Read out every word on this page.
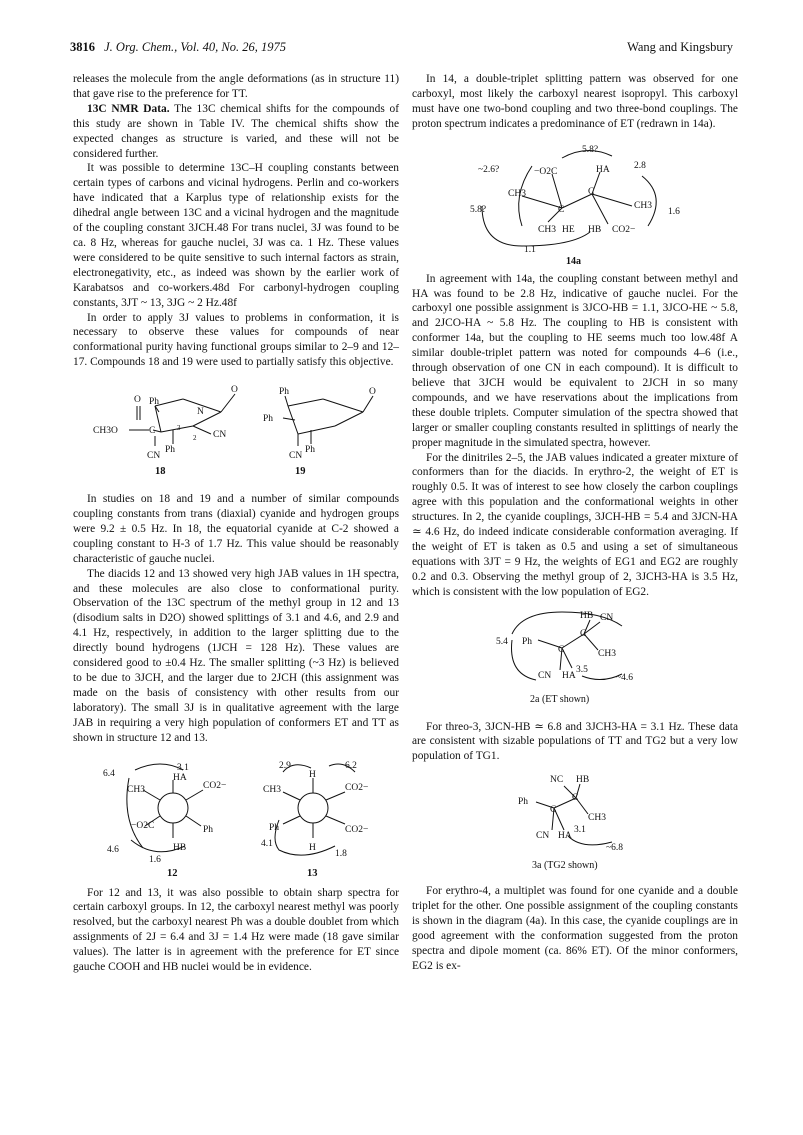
3816 J. Org. Chem., Vol. 40, No. 26, 1975	Wang and Kingsbury

releases the molecule from the angle deformations (as in structure 11) that gave rise to the preference for TT.

13C NMR Data. The 13C chemical shifts for the compounds of this study are shown in Table IV. The chemical shifts show the expected changes as structure is varied, and these will not be considered further.

It was possible to determine 13C–H coupling constants between certain types of carbons and vicinal hydrogens. Perlin and co-workers have indicated that a Karplus type of relationship exists for the dihedral angle between 13C and a vicinal hydrogen and the magnitude of the coupling constant 3JCH.48 For trans nuclei, 3J was found to be ca. 8 Hz, whereas for gauche nuclei, 3J was ca. 1 Hz. These values were considered to be quite sensitive to such internal factors as strain, electronegativity, etc., as indeed was shown by the earlier work of Karabatsos and co-workers.48d For carbonyl-hydrogen coupling constants, 3JT ~ 13, 3JG ~ 2 Hz.48f

In order to apply 3J values to problems in conformation, it is necessary to observe these values for compounds of near conformational purity having functional groups similar to 2–9 and 12–17. Compounds 18 and 19 were used to partially satisfy this objective.

O
CH3O	C
Ph
N
CN
Ph
CN
3
2
O	Ph
Ph
Ph
O
CN
18	19

In studies on 18 and 19 and a number of similar compounds coupling constants from trans (diaxial) cyanide and hydrogen groups were 9.2 ± 0.5 Hz. In 18, the equatorial cyanide at C-2 showed a coupling constant to H-3 of 1.7 Hz. This value should be reasonably characteristic of gauche nuclei.

The diacids 12 and 13 showed very high JAB values in 1H spectra, and these molecules are also close to conformational purity. Observation of the 13C spectrum of the methyl group in 12 and 13 (disodium salts in D2O) showed splittings of 3.1 and 4.6, and 2.9 and 4.1 Hz, respectively, in addition to the larger splitting due to the directly bound hydrogens (1JCH = 128 Hz). These values are considered good to ±0.4 Hz. The smaller splitting (~3 Hz) is believed to be due to 3JCH, and the larger due to 2JCH (this assignment was made on the basis of consistency with other results from our laboratory). The small 3J is in qualitative agreement with the large JAB in requiring a very high population of conformers ET and TT as shown in structure 12 and 13.

3.1
6.4	HA
CH3	CO2−
−O2C	Ph
HB
4.6
1.6
2.9	6.2
H
CH3	CO2−
Ph	CO2−
4.1	H
1.8
12	13

For 12 and 13, it was also possible to obtain sharp spectra for certain carboxyl groups. In 12, the carboxyl nearest methyl was poorly resolved, but the carboxyl nearest Ph was a double doublet from which assignments of 2J = 6.4 and 3J = 1.4 Hz were made (18 gave similar values). The latter is in agreement with the preference for ET since gauche COOH and HB nuclei would be in evidence.

In 14, a double-triplet splitting pattern was observed for one carboxyl, most likely the carboxyl nearest isopropyl. This carboxyl must have one two-bond coupling and two three-bond couplings. The proton spectrum indicates a predominance of ET (redrawn in 14a).

5.8?
~2.6?	−O2C	HA	2.8
CH3	C
C	CH3
5.8?	1.6
CH3 HE HB CO2−
1.1
14a

In agreement with 14a, the coupling constant between methyl and HA was found to be 2.8 Hz, indicative of gauche nuclei. For the carboxyl one possible assignment is 3JCO-HB = 1.1, 3JCO-HE ~ 5.8, and 2JCO-HA ~ 5.8 Hz. The coupling to HB is consistent with conformer 14a, but the coupling to HE seems much too low.48f A similar double-triplet pattern was noted for compounds 4–6 (i.e., through observation of one CN in each compound). It is difficult to believe that 3JCH would be equivalent to 2JCH in so many compounds, and we have reservations about the implications from these double triplets. Computer simulation of the spectra showed that larger or smaller coupling constants resulted in splittings of nearly the proper magnitude in the simulated spectra, however.

For the dinitriles 2–5, the JAB values indicated a greater mixture of conformers than for the diacids. In erythro-2, the weight of ET is roughly 0.5. It was of interest to see how closely the carbon couplings agree with this population and the conformational weights in other structures. In 2, the cyanide couplings, 3JCH-HB = 5.4 and 3JCN-HA ≃ 4.6 Hz, do indeed indicate considerable conformation averaging. If the weight of ET is taken as 0.5 and using a set of simultaneous equations with 3JT = 9 Hz, the weights of EG1 and EG2 are roughly 0.2 and 0.3. Observing the methyl group of 2, 3JCH3-HA is 3.5 Hz, which is consistent with the low population of EG2.

HB CN
5.4 Ph
C
C	CH3
CN HA
3.5
~4.6
2a (ET shown)

For threo-3, 3JCN-HB ≃ 6.8 and 3JCH3-HA = 3.1 Hz. These data are consistent with sizable populations of TT and TG2 but a very low population of TG1.

NC HB
Ph	C
C
CH3
3.1
CN HA
~6.8
3a (TG2 shown)

For erythro-4, a multiplet was found for one cyanide and a double triplet for the other. One possible assignment of the coupling constants is shown in the diagram (4a). In this case, the cyanide couplings are in good agreement with the conformation suggested from the proton spectra and dipole moment (ca. 86% ET). Of the minor conformers, EG2 is ex-
